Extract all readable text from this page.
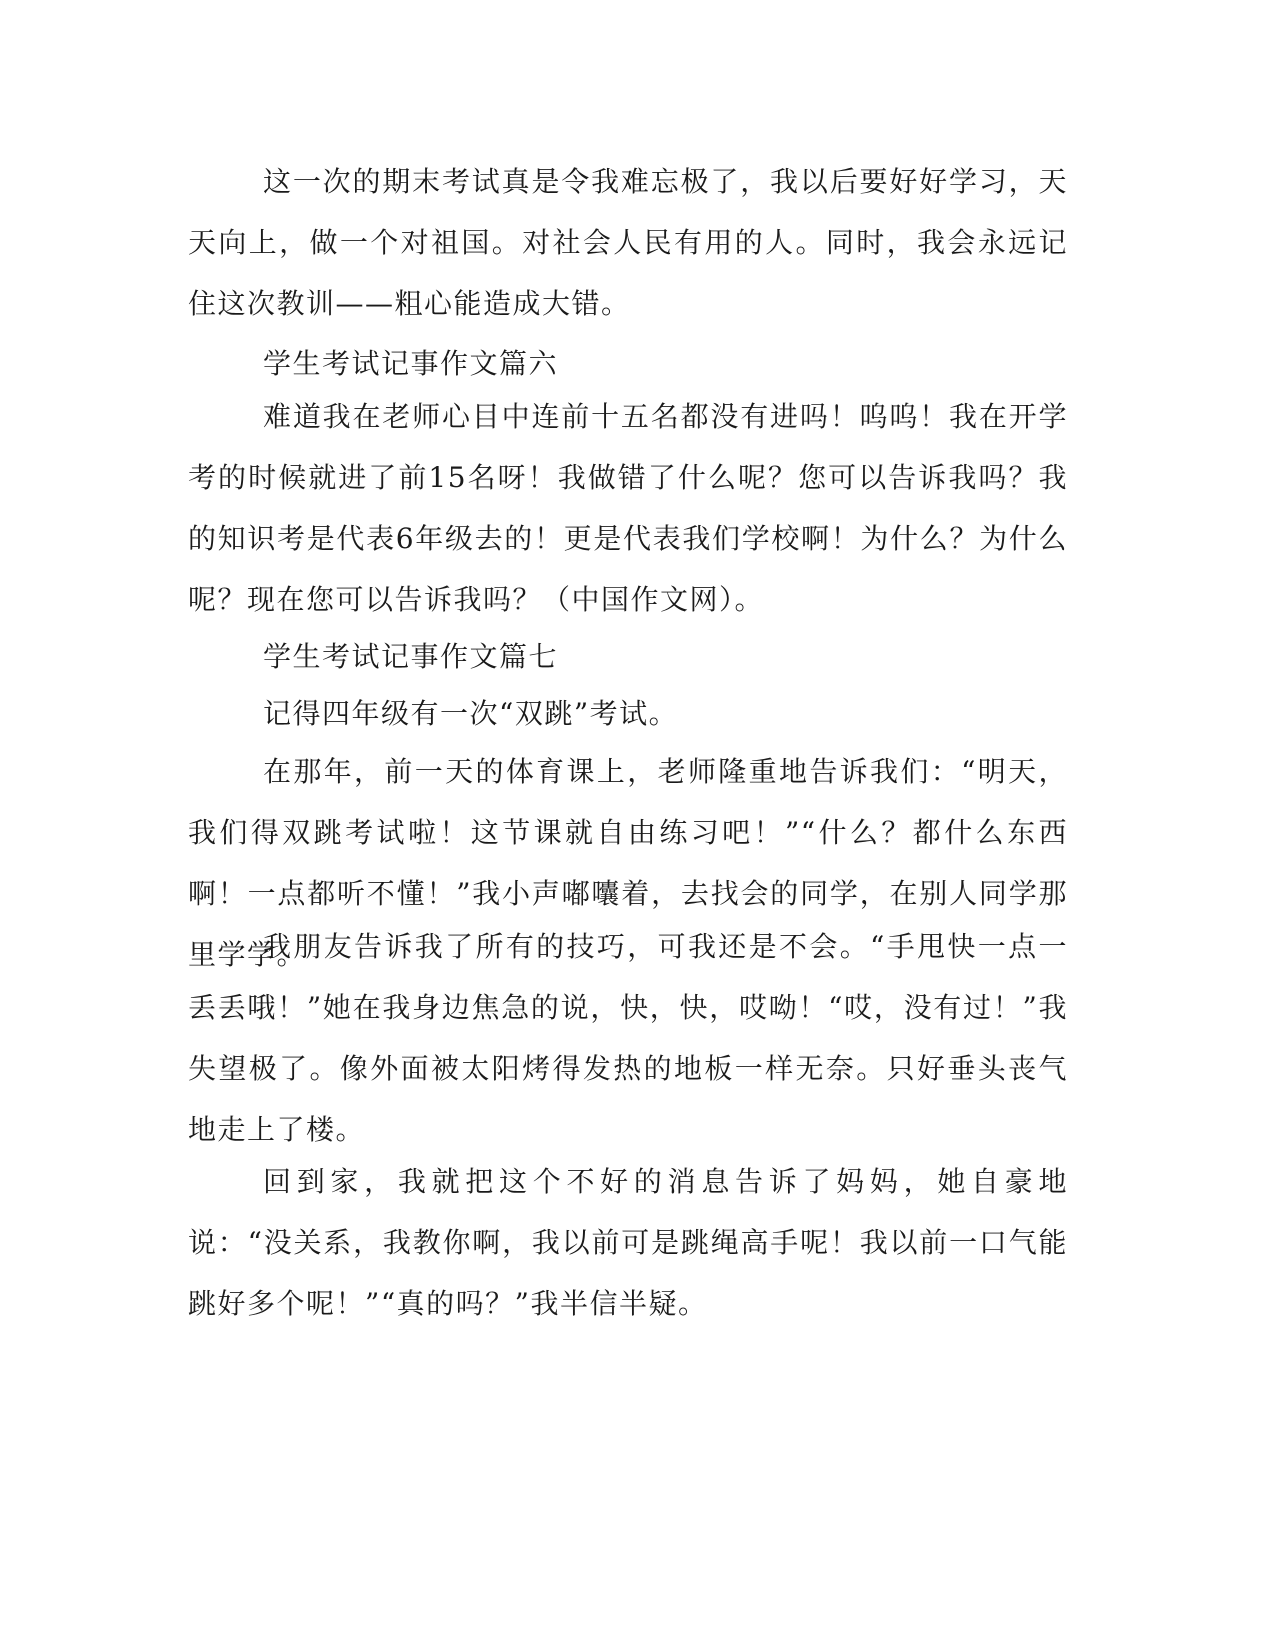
这一次的期末考试真是令我难忘极了，我以后要好好学习，天天向上，做一个对祖国。对社会人民有用的人。同时，我会永远记住这次教训——粗心能造成大错。

学生考试记事作文篇六

难道我在老师心目中连前十五名都没有进吗！呜呜！我在开学考的时候就进了前15名呀！我做错了什么呢？您可以告诉我吗？我的知识考是代表6年级去的！更是代表我们学校啊！为什么？为什么呢？现在您可以告诉我吗？（中国作文网）。

学生考试记事作文篇七

记得四年级有一次“双跳”考试。

在那年，前一天的体育课上，老师隆重地告诉我们：“明天，我们得双跳考试啦！这节课就自由练习吧！”“什么？都什么东西啊！一点都听不懂！”我小声嘟囔着，去找会的同学，在别人同学那里学学。

我朋友告诉我了所有的技巧，可我还是不会。“手甩快一点一丢丢哦！”她在我身边焦急的说，快，快，哎呦！“哎，没有过！”我失望极了。像外面被太阳烤得发热的地板一样无奈。只好垂头丧气地走上了楼。

回到家，我就把这个不好的消息告诉了妈妈，她自豪地说：“没关系，我教你啊，我以前可是跳绳高手呢！我以前一口气能跳好多个呢！”“真的吗？”我半信半疑。
